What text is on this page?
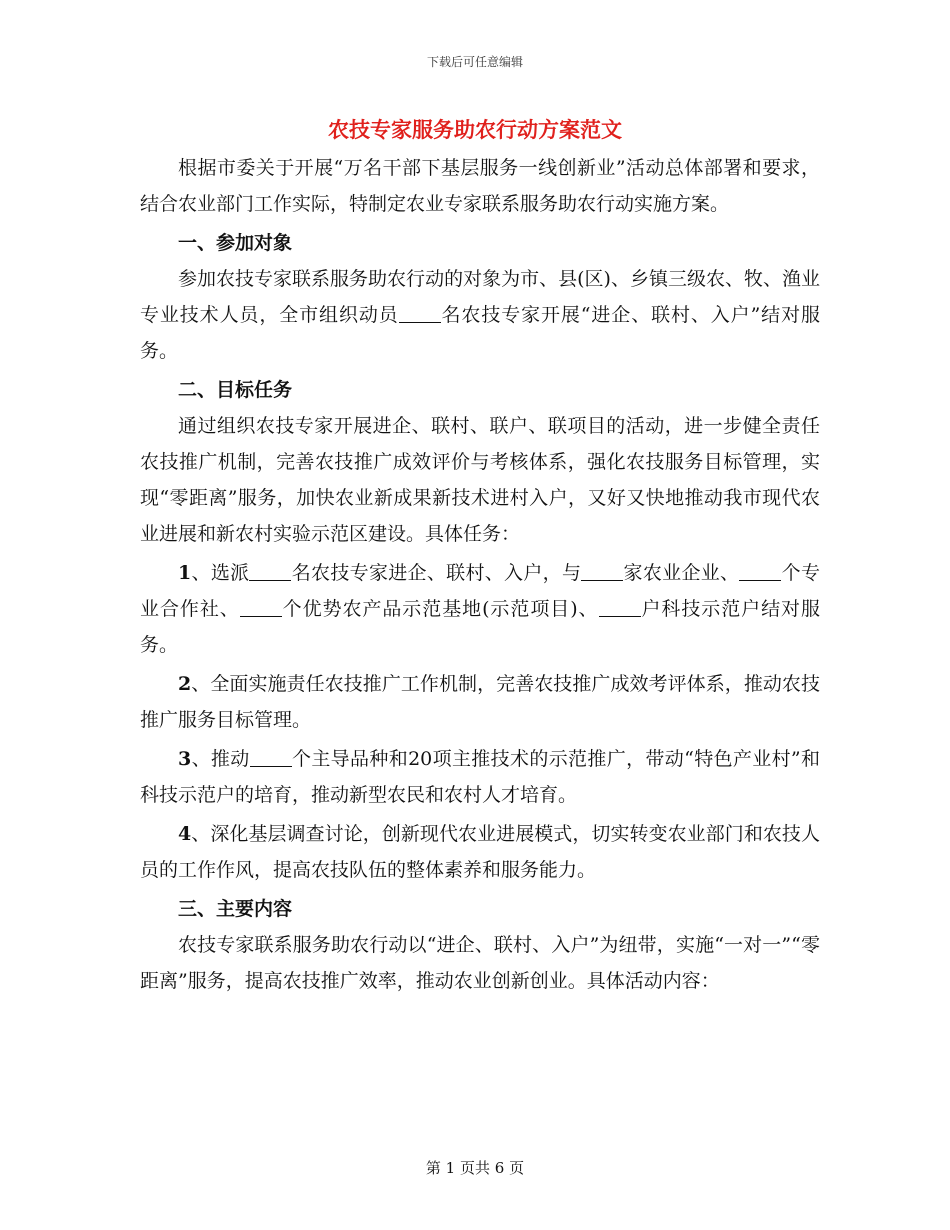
下载后可任意编辑
农技专家服务助农行动方案范文

根据市委关于开展“万名干部下基层服务一线创新业”活动总体部署和要求，结合农业部门工作实际，特制定农业专家联系服务助农行动实施方案。

一、参加对象

参加农技专家联系服务助农行动的对象为市、县(区)、乡镇三级农、牧、渔业专业技术人员，全市组织动员 名农技专家开展“进企、联村、入户”结对服务。

二、目标任务

通过组织农技专家开展进企、联村、联户、联项目的活动，进一步健全责任农技推广机制，完善农技推广成效评价与考核体系，强化农技服务目标管理，实现“零距离”服务，加快农业新成果新技术进村入户，又好又快地推动我市现代农业进展和新农村实验示范区建设。具体任务：

1、选派 名农技专家进企、联村、入户，与 家农业企业、 个专业合作社、 个优势农产品示范基地(示范项目)、 户科技示范户结对服务。

2、全面实施责任农技推广工作机制，完善农技推广成效考评体系，推动农技推广服务目标管理。

3、推动 个主导品种和20项主推技术的示范推广，带动“特色产业村”和科技示范户的培育，推动新型农民和农村人才培育。

4、深化基层调查讨论，创新现代农业进展模式，切实转变农业部门和农技人员的工作作风，提高农技队伍的整体素养和服务能力。

三、主要内容

农技专家联系服务助农行动以“进企、联村、入户”为纽带，实施“一对一”“零距离”服务，提高农技推广效率，推动农业创新创业。具体活动内容：

第 1 页共 6 页
